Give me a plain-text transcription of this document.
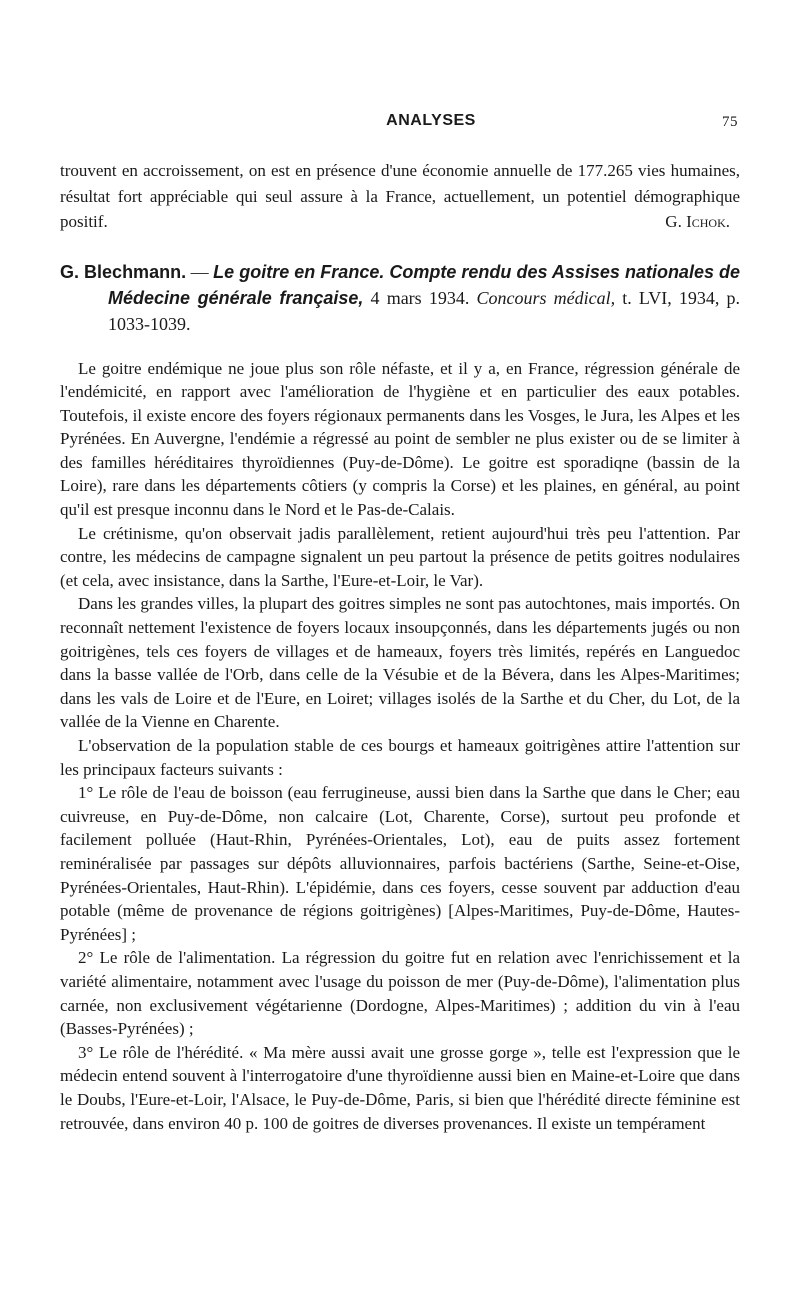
ANALYSES	75
trouvent en accroissement, on est en présence d'une économie annuelle de 177.265 vies humaines, résultat fort appréciable qui seul assure à la France, actuellement, un potentiel démographique positif.	G. Ichok.
G. Blechmann. — Le goitre en France. Compte rendu des Assises nationales de Médecine générale française, 4 mars 1934. Concours médical, t. LVI, 1934, p. 1033-1039.

Le goitre endémique ne joue plus son rôle néfaste, et il y a, en France, régression générale de l'endémicité, en rapport avec l'amélioration de l'hygiène et en particulier des eaux potables. Toutefois, il existe encore des foyers régionaux permanents dans les Vosges, le Jura, les Alpes et les Pyrénées. En Auvergne, l'endémie a régressé au point de sembler ne plus exister ou de se limiter à des familles héréditaires thyroïdiennes (Puy-de-Dôme). Le goitre est sporadiqne (bassin de la Loire), rare dans les départements côtiers (y compris la Corse) et les plaines, en général, au point qu'il est presque inconnu dans le Nord et le Pas-de-Calais.

Le crétinisme, qu'on observait jadis parallèlement, retient aujourd'hui très peu l'attention. Par contre, les médecins de campagne signalent un peu partout la présence de petits goitres nodulaires (et cela, avec insistance, dans la Sarthe, l'Eure-et-Loir, le Var).

Dans les grandes villes, la plupart des goitres simples ne sont pas autochtones, mais importés. On reconnaît nettement l'existence de foyers locaux insoupçonnés, dans les départements jugés ou non goitrigènes, tels ces foyers de villages et de hameaux, foyers très limités, repérés en Languedoc dans la basse vallée de l'Orb, dans celle de la Vésubie et de la Bévera, dans les Alpes-Maritimes; dans les vals de Loire et de l'Eure, en Loiret; villages isolés de la Sarthe et du Cher, du Lot, de la vallée de la Vienne en Charente.

L'observation de la population stable de ces bourgs et hameaux goitrigènes attire l'attention sur les principaux facteurs suivants :

1° Le rôle de l'eau de boisson (eau ferrugineuse, aussi bien dans la Sarthe que dans le Cher; eau cuivreuse, en Puy-de-Dôme, non calcaire (Lot, Charente, Corse), surtout peu profonde et facilement polluée (Haut-Rhin, Pyrénées-Orientales, Lot), eau de puits assez fortement reminéralisée par passages sur dépôts alluvionnaires, parfois bactériens (Sarthe, Seine-et-Oise, Pyrénées-Orientales, Haut-Rhin). L'épidémie, dans ces foyers, cesse souvent par adduction d'eau potable (même de provenance de régions goitrigènes) [Alpes-Maritimes, Puy-de-Dôme, Hautes-Pyrénées] ;

2° Le rôle de l'alimentation. La régression du goitre fut en relation avec l'enrichissement et la variété alimentaire, notamment avec l'usage du poisson de mer (Puy-de-Dôme), l'alimentation plus carnée, non exclusivement végétarienne (Dordogne, Alpes-Maritimes) ; addition du vin à l'eau (Basses-Pyrénées) ;

3° Le rôle de l'hérédité. « Ma mère aussi avait une grosse gorge », telle est l'expression que le médecin entend souvent à l'interrogatoire d'une thyroïdienne aussi bien en Maine-et-Loire que dans le Doubs, l'Eure-et-Loir, l'Alsace, le Puy-de-Dôme, Paris, si bien que l'hérédité directe féminine est retrouvée, dans environ 40 p. 100 de goitres de diverses provenances. Il existe un tempérament
